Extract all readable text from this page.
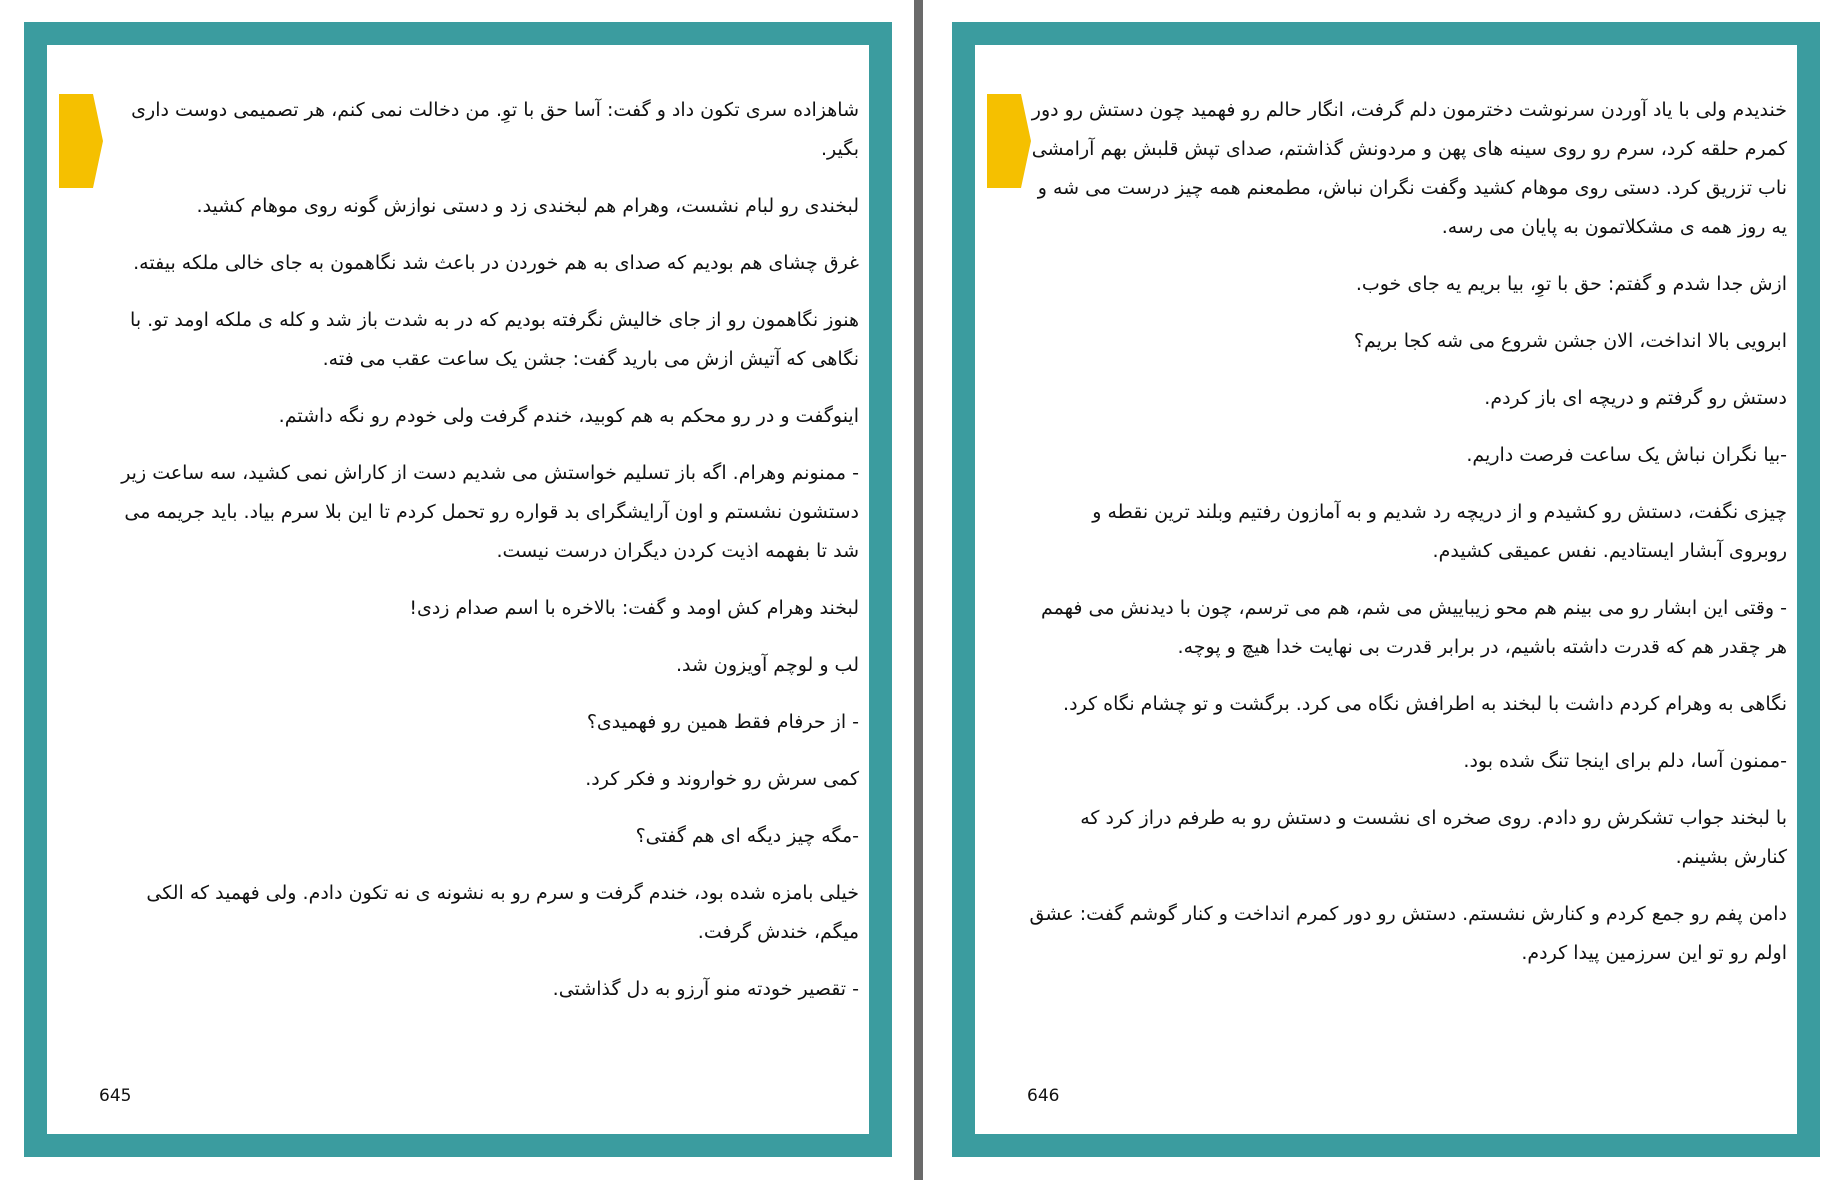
شاهزاده سری تکون داد و گفت: آسا حق با توِ. من دخالت نمی کنم، هر تصمیمی دوست داری بگیر.

لبخندی رو لبام نشست، وهرام هم لبخندی زد و دستی نوازش گونه روی موهام کشید.

غرق چشای هم بودیم که صدای به هم خوردن در باعث شد نگاهمون به جای خالی ملکه بیفته.

هنوز نگاهمون رو از جای خالیش نگرفته بودیم که در به شدت باز شد و کله ی ملکه اومد تو. با نگاهی که آتیش ازش می بارید گفت: جشن یک ساعت عقب می فته.

اینوگفت و در رو محکم به هم کوبید، خندم گرفت ولی خودم رو نگه داشتم.

- ممنونم وهرام. اگه باز تسلیم خواستش می شدیم دست از کاراش نمی کشید، سه ساعت زیر دستشون نشستم و اون آرایشگرای بد قواره رو تحمل کردم تا این بلا سرم بیاد. باید جریمه می شد تا بفهمه اذیت کردن دیگران درست نیست.

لبخند وهرام کش اومد و گفت: بالاخره با اسم صدام زدی!

لب و لوچم آویزون شد.

- از حرفام فقط همین رو فهمیدی؟

کمی سرش رو خواروند و فکر کرد.

-مگه چیز دیگه ای هم گفتی؟

خیلی بامزه شده بود، خندم گرفت و سرم رو به نشونه ی نه تکون دادم. ولی فهمید که الکی میگم، خندش گرفت.

- تقصیر خودته منو آرزو به دل گذاشتی.

645

خندیدم ولی با یاد آوردن سرنوشت دخترمون دلم گرفت، انگار حالم رو فهمید چون دستش رو دور کمرم حلقه کرد، سرم رو روی سینه های پهن و مردونش گذاشتم، صدای تپش قلبش بهم آرامشی ناب تزریق کرد. دستی روی موهام کشید وگفت نگران نباش، مطمعنم همه چیز درست می شه و یه روز همه ی مشکلاتمون به پایان می رسه.

ازش جدا شدم و گفتم: حق با توِ، بیا بریم یه جای خوب.

ابرویی بالا انداخت، الان جشن شروع می شه کجا بریم؟

دستش رو گرفتم و دریچه ای باز کردم.

-بیا نگران نباش یک ساعت فرصت داریم.

چیزی نگفت، دستش رو کشیدم و از دریچه رد شدیم و به آمازون رفتیم وبلند ترین نقطه و روبروی آبشار ایستادیم. نفس عمیقی کشیدم.

- وقتی این ابشار رو می بینم هم محو زیباییش می شم، هم می ترسم، چون با دیدنش می فهمم هر چقدر هم که قدرت داشته باشیم، در برابر قدرت بی نهایت خدا هیچ و پوچه.

نگاهی به وهرام کردم داشت با لبخند به اطرافش نگاه می کرد. برگشت و تو چشام نگاه کرد.

-ممنون آسا، دلم برای اینجا تنگ شده بود.

با لبخند جواب تشکرش رو دادم. روی صخره ای نشست و دستش رو به طرفم دراز کرد که کنارش بشینم.

دامن پفم رو جمع کردم و کنارش نشستم. دستش رو دور کمرم انداخت و کنار گوشم گفت: عشق اولم رو تو این سرزمین پیدا کردم.

646
